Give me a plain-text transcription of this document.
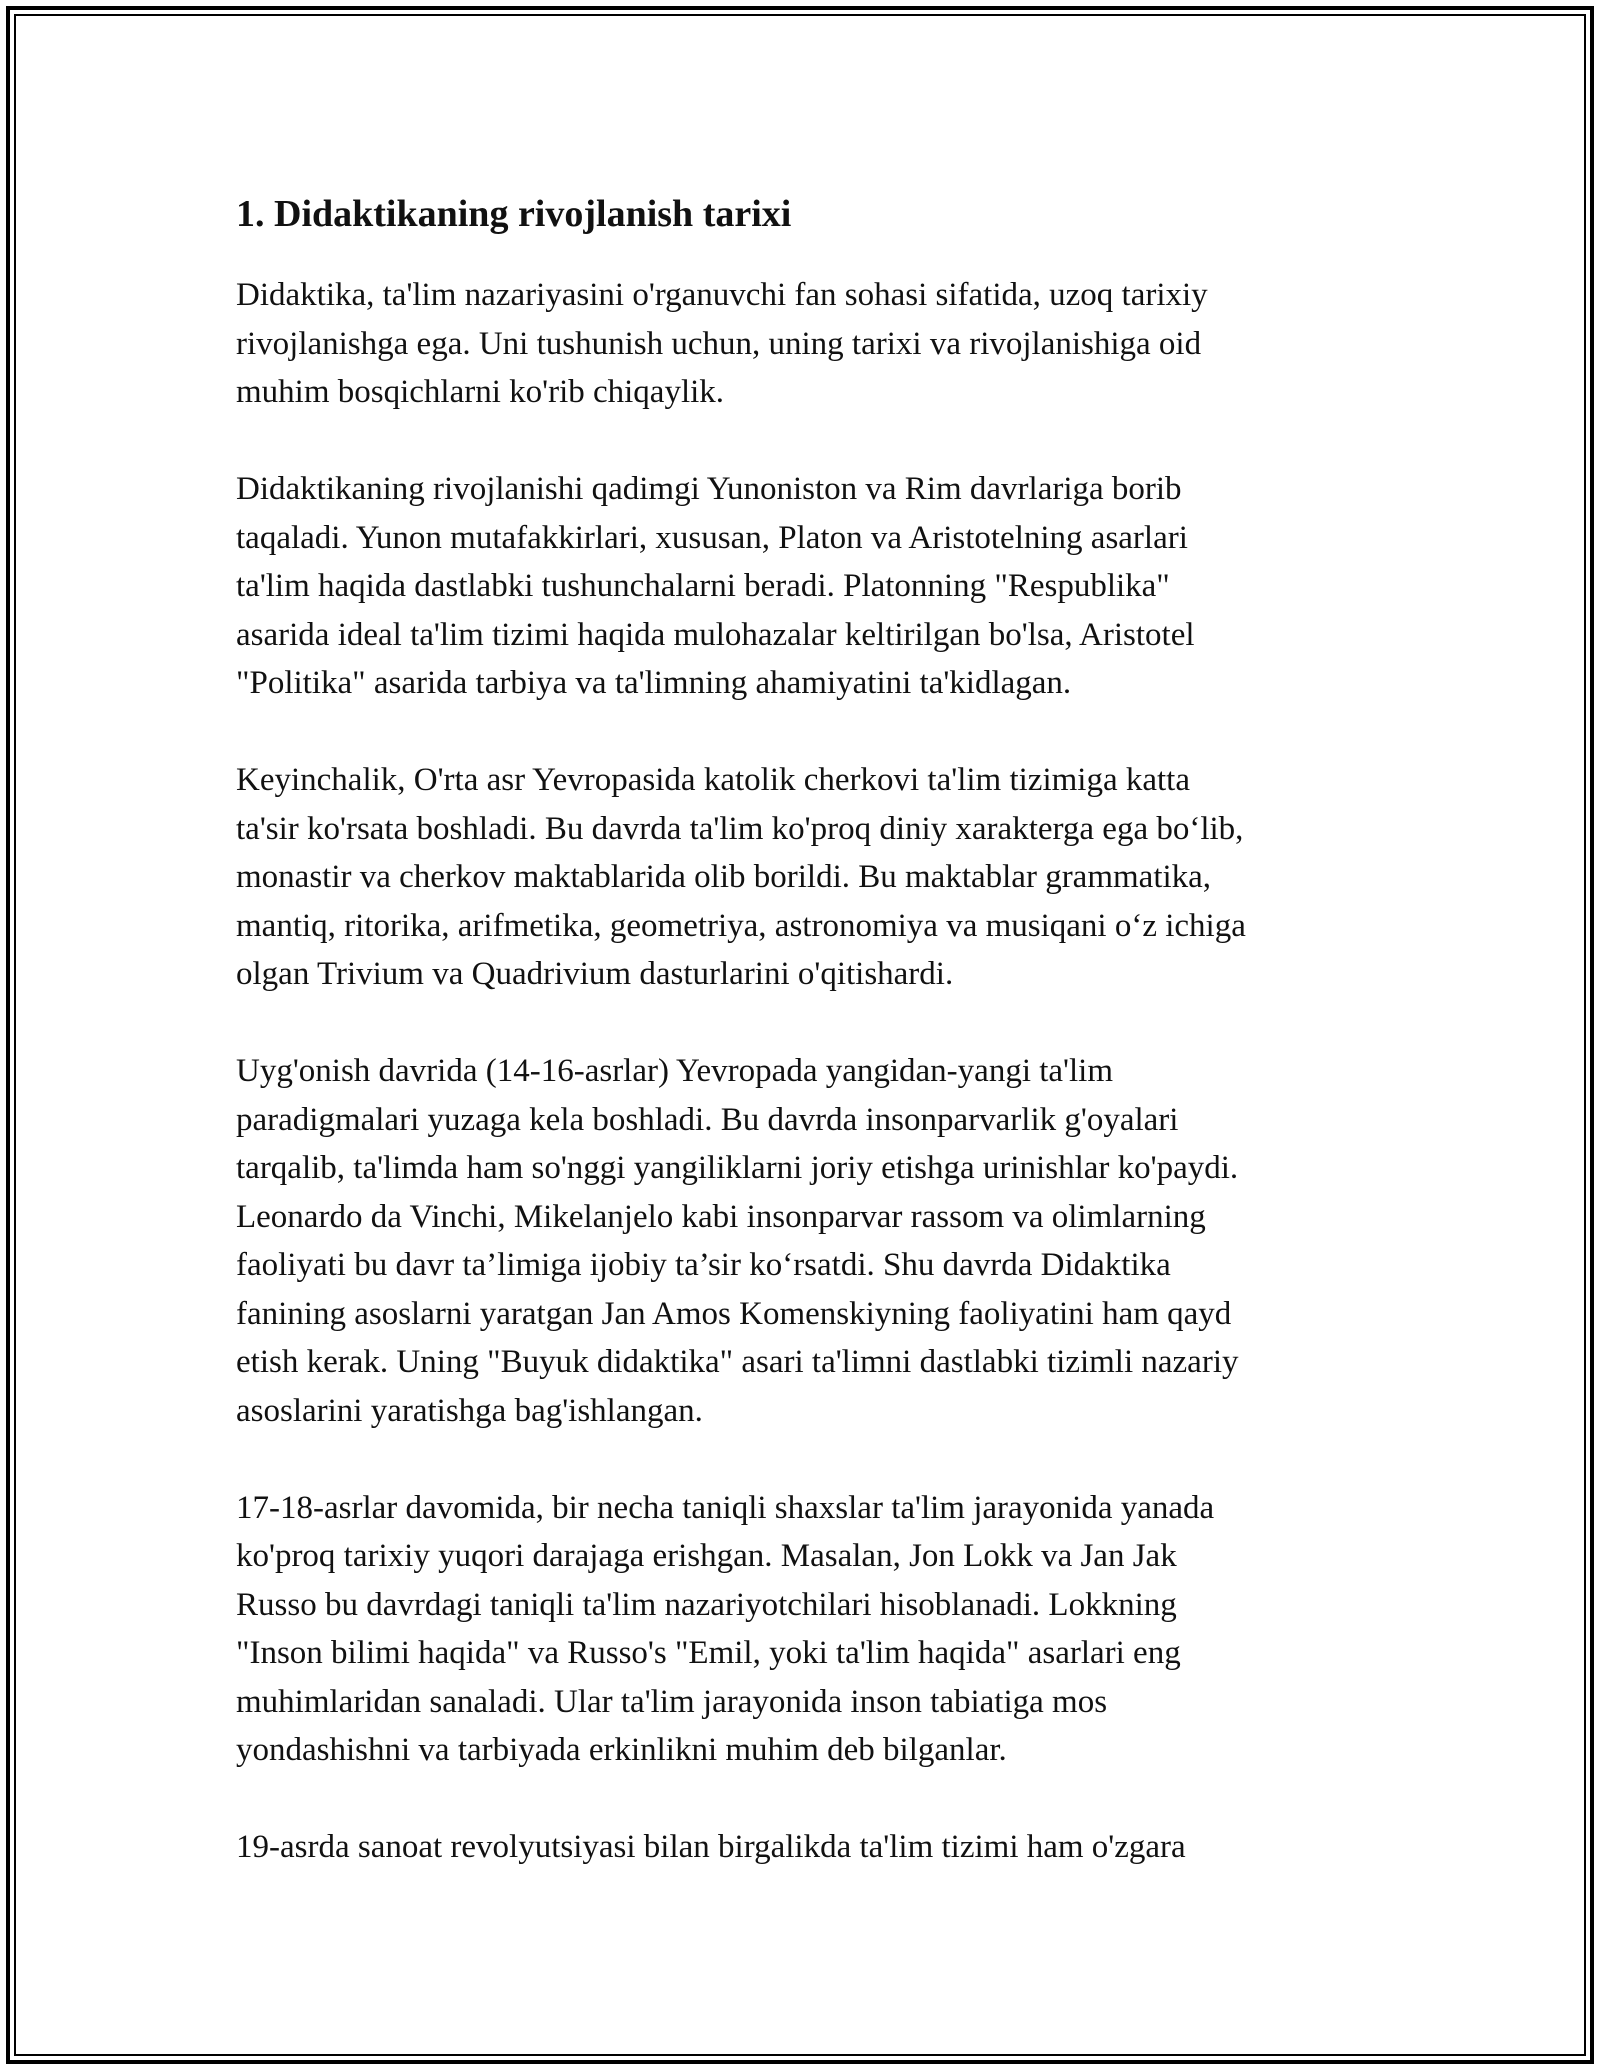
1. Didaktikaning rivojlanish tarixi

Didaktika, ta'lim nazariyasini o'rganuvchi fan sohasi sifatida, uzoq tarixiy
rivojlanishga ega. Uni tushunish uchun, uning tarixi va rivojlanishiga oid
muhim bosqichlarni ko'rib chiqaylik.

Didaktikaning rivojlanishi qadimgi Yunoniston va Rim davrlariga borib
taqaladi. Yunon mutafakkirlari, xususan, Platon va Aristotelning asarlari
ta'lim haqida dastlabki tushunchalarni beradi. Platonning "Respublika"
asarida ideal ta'lim tizimi haqida mulohazalar keltirilgan bo'lsa, Aristotel
"Politika" asarida tarbiya va ta'limning ahamiyatini ta'kidlagan.

Keyinchalik, O'rta asr Yevropasida katolik cherkovi ta'lim tizimiga katta
ta'sir ko'rsata boshladi. Bu davrda ta'lim ko'proq diniy xarakterga ega bo‘lib,
monastir va cherkov maktablarida olib borildi. Bu maktablar grammatika,
mantiq, ritorika, arifmetika, geometriya, astronomiya va musiqani o‘z ichiga
olgan Trivium va Quadrivium dasturlarini o'qitishardi.

Uyg'onish davrida (14-16-asrlar) Yevropada yangidan-yangi ta'lim
paradigmalari yuzaga kela boshladi. Bu davrda insonparvarlik g'oyalari
tarqalib, ta'limda ham so'nggi yangiliklarni joriy etishga urinishlar ko'paydi.
Leonardo da Vinchi, Mikelanjelo kabi insonparvar rassom va olimlarning
faoliyati bu davr ta’limiga ijobiy ta’sir ko‘rsatdi. Shu davrda Didaktika
fanining asoslarni yaratgan Jan Amos Komenskiyning faoliyatini ham qayd
etish kerak. Uning "Buyuk didaktika" asari ta'limni dastlabki tizimli nazariy
asoslarini yaratishga bag'ishlangan.

17-18-asrlar davomida, bir necha taniqli shaxslar ta'lim jarayonida yanada
ko'proq tarixiy yuqori darajaga erishgan. Masalan, Jon Lokk va Jan Jak
Russo bu davrdagi taniqli ta'lim nazariyotchilari hisoblanadi. Lokkning
"Inson bilimi haqida" va Russo's "Emil, yoki ta'lim haqida" asarlari eng
muhimlaridan sanaladi. Ular ta'lim jarayonida inson tabiatiga mos
yondashishni va tarbiyada erkinlikni muhim deb bilganlar.

19-asrda sanoat revolyutsiyasi bilan birgalikda ta'lim tizimi ham o'zgara
